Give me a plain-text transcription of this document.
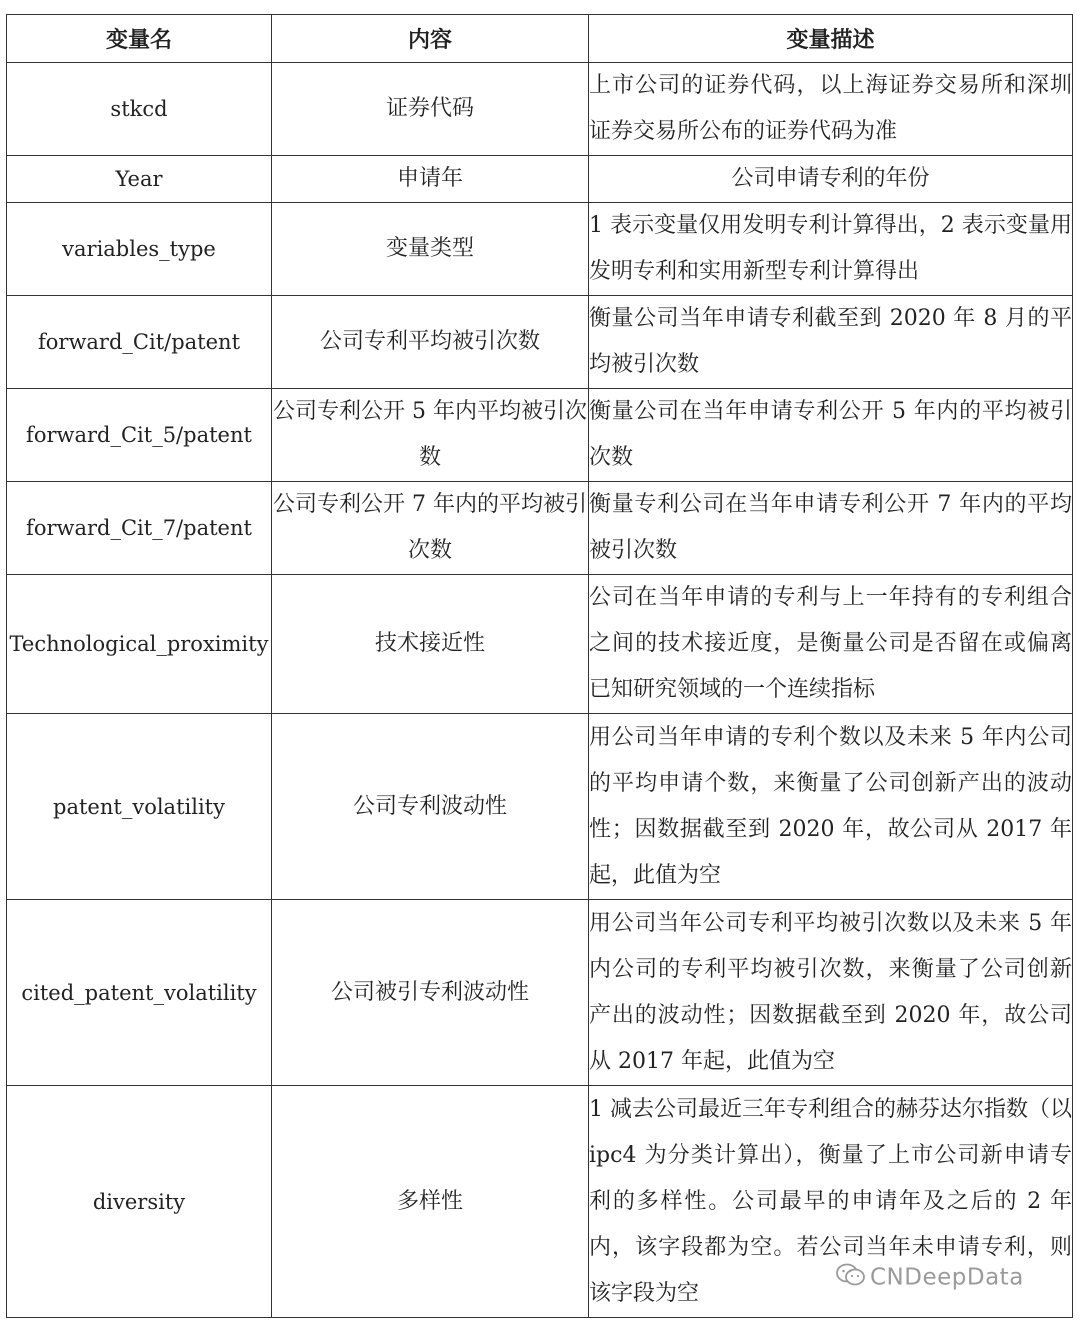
变量名	内容	变量描述
stkcd	证券代码	上市公司的证券代码，以上海证券交易所和深圳证券交易所公布的证券代码为准
Year	申请年	公司申请专利的年份
variables_type	变量类型	1 表示变量仅用发明专利计算得出，2 表示变量用发明专利和实用新型专利计算得出
forward_Cit/patent	公司专利平均被引次数	衡量公司当年申请专利截至到 2020 年 8 月的平均被引次数
forward_Cit_5/patent	公司专利公开 5 年内平均被引次数	衡量公司在当年申请专利公开 5 年内的平均被引次数
forward_Cit_7/patent	公司专利公开 7 年内的平均被引次数	衡量专利公司在当年申请专利公开 7 年内的平均被引次数
Technological_proximity	技术接近性	公司在当年申请的专利与上一年持有的专利组合之间的技术接近度，是衡量公司是否留在或偏离已知研究领域的一个连续指标
patent_volatility	公司专利波动性	用公司当年申请的专利个数以及未来 5 年内公司的平均申请个数，来衡量了公司创新产出的波动性；因数据截至到 2020 年，故公司从 2017 年起，此值为空
cited_patent_volatility	公司被引专利波动性	用公司当年公司专利平均被引次数以及未来 5 年内公司的专利平均被引次数，来衡量了公司创新产出的波动性；因数据截至到 2020 年，故公司从 2017 年起，此值为空
diversity	多样性	1 减去公司最近三年专利组合的赫芬达尔指数（以 ipc4 为分类计算出），衡量了上市公司新申请专利的多样性。公司最早的申请年及之后的 2 年内，该字段都为空。若公司当年未申请专利，则该字段为空
CNDeepData
